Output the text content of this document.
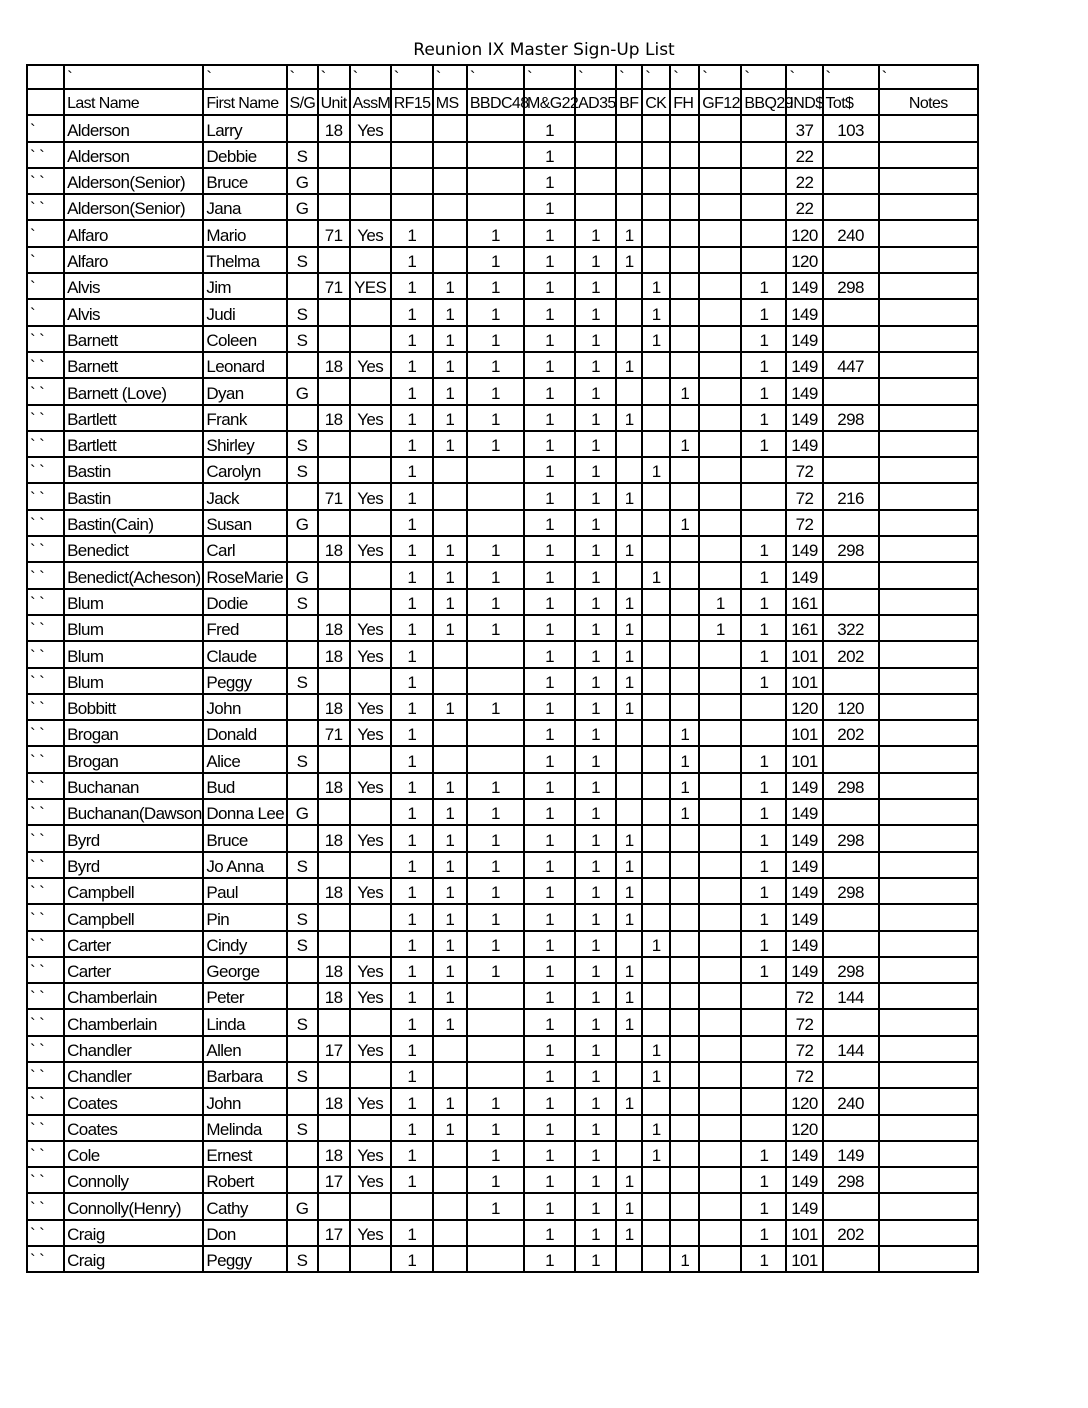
Reunion IX Master Sign-Up List
	`	`	`	`	`	`	`	`	`	`	`	`	`	`	`	`	`	`
	Last Name	First Name	S/G	Unit	AssM	RF15	MS	BBDC48	M&G22	AD35	BF	CK	FH	GF12	BBQ29	IND$	Tot$	Notes
`	Alderson	Larry		18	Yes				1							37	103	
` `	Alderson	Debbie	S						1							22		
` `	Alderson(Senior)	Bruce	G						1							22		
` `	Alderson(Senior)	Jana	G						1							22		
`	Alfaro	Mario		71	Yes	1		1	1	1	1					120	240	
`	Alfaro	Thelma	S			1		1	1	1	1					120		
`	Alvis	Jim		71	YES	1	1	1	1	1		1			1	149	298	
`	Alvis	Judi	S			1	1	1	1	1		1			1	149		
` `	Barnett	Coleen	S			1	1	1	1	1		1			1	149		
` `	Barnett	Leonard		18	Yes	1	1	1	1	1	1				1	149	447	
` `	Barnett (Love)	Dyan	G			1	1	1	1	1			1		1	149		
` `	Bartlett	Frank		18	Yes	1	1	1	1	1	1				1	149	298	
` `	Bartlett	Shirley	S			1	1	1	1	1			1		1	149		
` `	Bastin	Carolyn	S			1			1	1		1				72		
` `	Bastin	Jack		71	Yes	1			1	1	1					72	216	
` `	Bastin(Cain)	Susan	G			1			1	1			1			72		
` `	Benedict	Carl		18	Yes	1	1	1	1	1	1				1	149	298	
` `	Benedict(Acheson)	RoseMarie	G			1	1	1	1	1		1			1	149		
` `	Blum	Dodie	S			1	1	1	1	1	1			1	1	161		
` `	Blum	Fred		18	Yes	1	1	1	1	1	1			1	1	161	322	
` `	Blum	Claude		18	Yes	1			1	1	1				1	101	202	
` `	Blum	Peggy	S			1			1	1	1				1	101		
` `	Bobbitt	John		18	Yes	1	1	1	1	1	1					120	120	
` `	Brogan	Donald		71	Yes	1			1	1			1			101	202	
` `	Brogan	Alice	S			1			1	1			1		1	101		
` `	Buchanan	Bud		18	Yes	1	1	1	1	1			1		1	149	298	
` `	Buchanan(Dawson	Donna Lee	G			1	1	1	1	1			1		1	149		
` `	Byrd	Bruce		18	Yes	1	1	1	1	1	1				1	149	298	
` `	Byrd	Jo Anna	S			1	1	1	1	1	1				1	149		
` `	Campbell	Paul		18	Yes	1	1	1	1	1	1				1	149	298	
` `	Campbell	Pin	S			1	1	1	1	1	1				1	149		
` `	Carter	Cindy	S			1	1	1	1	1		1			1	149		
` `	Carter	George		18	Yes	1	1	1	1	1	1				1	149	298	
` `	Chamberlain	Peter		18	Yes	1	1		1	1	1					72	144	
` `	Chamberlain	Linda	S			1	1		1	1	1					72		
` `	Chandler	Allen		17	Yes	1			1	1		1				72	144	
` `	Chandler	Barbara	S			1			1	1		1				72		
` `	Coates	John		18	Yes	1	1	1	1	1	1					120	240	
` `	Coates	Melinda	S			1	1	1	1	1		1				120		
` `	Cole	Ernest		18	Yes	1		1	1	1		1			1	149	149	
` `	Connolly	Robert		17	Yes	1		1	1	1	1				1	149	298	
` `	Connolly(Henry)	Cathy	G					1	1	1	1				1	149		
` `	Craig	Don		17	Yes	1			1	1	1				1	101	202	
` `	Craig	Peggy	S			1			1	1			1		1	101		
